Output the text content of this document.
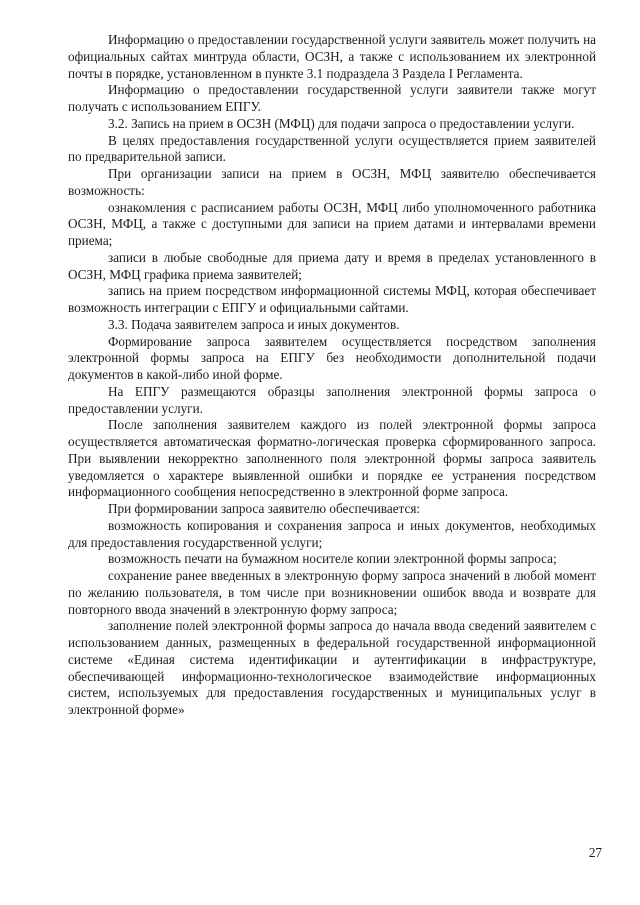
Информацию о предоставлении государственной услуги заявитель может получить на официальных сайтах минтруда области, ОСЗН, а также с использованием их электронной почты в порядке, установленном в пункте 3.1 подраздела 3 Раздела I Регламента.

Информацию о предоставлении государственной услуги заявители также могут получать с использованием ЕПГУ.

3.2. Запись на прием в ОСЗН (МФЦ) для подачи запроса о предоставлении услуги.

В целях предоставления государственной услуги осуществляется прием заявителей по предварительной записи.

При организации записи на прием в ОСЗН, МФЦ заявителю обеспечивается возможность:

ознакомления с расписанием работы ОСЗН, МФЦ либо уполномоченного работника ОСЗН, МФЦ, а также с доступными для записи на прием датами и интервалами времени приема;

записи в любые свободные для приема дату и время в пределах установленного в ОСЗН, МФЦ графика приема заявителей;

запись на прием посредством информационной системы МФЦ, которая обеспечивает возможность интеграции с ЕПГУ и официальными сайтами.

3.3. Подача заявителем запроса и иных документов.

Формирование запроса заявителем осуществляется посредством заполнения электронной формы запроса на ЕПГУ без необходимости дополнительной подачи документов в какой-либо иной форме.

На ЕПГУ размещаются образцы заполнения электронной формы запроса о предоставлении услуги.

После заполнения заявителем каждого из полей электронной формы запроса осуществляется автоматическая форматно-логическая проверка сформированного запроса. При выявлении некорректно заполненного поля электронной формы запроса заявитель уведомляется о характере выявленной ошибки и порядке ее устранения посредством информационного сообщения непосредственно в электронной форме запроса.

При формировании запроса заявителю обеспечивается:

возможность копирования и сохранения запроса и иных документов, необходимых для предоставления государственной услуги;

возможность печати на бумажном носителе копии электронной формы запроса;

сохранение ранее введенных в электронную форму запроса значений в любой момент по желанию пользователя, в том числе при возникновении ошибок ввода и возврате для повторного ввода значений в электронную форму запроса;

заполнение полей электронной формы запроса до начала ввода сведений заявителем с использованием данных, размещенных в федеральной государственной информационной системе «Единая система идентификации и аутентификации в инфраструктуре, обеспечивающей информационно-технологическое взаимодействие информационных систем, используемых для предоставления государственных и муниципальных услуг в электронной форме»

27
